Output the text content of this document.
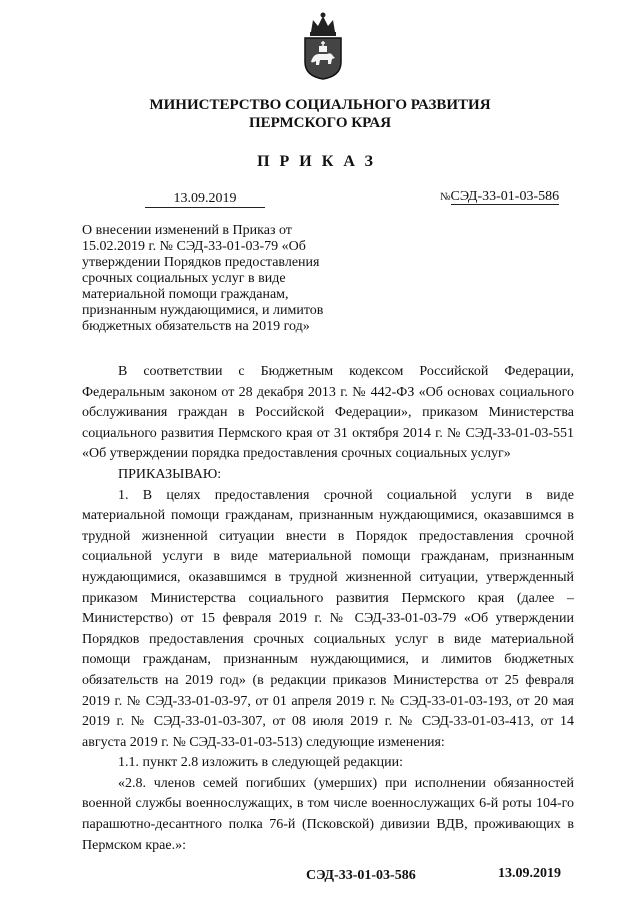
МИНИСТЕРСТВО СОЦИАЛЬНОГО РАЗВИТИЯ
ПЕРМСКОГО КРАЯ
ПРИКАЗ
13.09.2019	№СЭД-33-01-03-586
О внесении изменений в Приказ от 15.02.2019 г. № СЭД-33-01-03-79 «Об утверждении Порядков предоставления срочных социальных услуг в виде материальной помощи гражданам, признанным нуждающимися, и лимитов бюджетных обязательств на 2019 год»

В соответствии с Бюджетным кодексом Российской Федерации, Федеральным законом от 28 декабря 2013 г. № 442-ФЗ «Об основах социального обслуживания граждан в Российской Федерации», приказом Министерства социального развития Пермского края от 31 октября 2014 г. № СЭД-33-01-03-551 «Об утверждении порядка предоставления срочных социальных услуг»

ПРИКАЗЫВАЮ:

1. В целях предоставления срочной социальной услуги в виде материальной помощи гражданам, признанным нуждающимися, оказавшимся в трудной жизненной ситуации внести в Порядок предоставления срочной социальной услуги в виде материальной помощи гражданам, признанным нуждающимися, оказавшимся в трудной жизненной ситуации, утвержденный приказом Министерства социального развития Пермского края (далее – Министерство) от 15 февраля 2019 г. № СЭД-33-01-03-79 «Об утверждении Порядков предоставления срочных социальных услуг в виде материальной помощи гражданам, признанным нуждающимися, и лимитов бюджетных обязательств на 2019 год» (в редакции приказов Министерства от 25 февраля 2019 г. № СЭД-33-01-03-97, от 01 апреля 2019 г. № СЭД-33-01-03-193, от 20 мая 2019 г. № СЭД-33-01-03-307, от 08 июля 2019 г. № СЭД-33-01-03-413, от 14 августа 2019 г. № СЭД-33-01-03-513) следующие изменения:

1.1. пункт 2.8 изложить в следующей редакции:

«2.8. членов семей погибших (умерших) при исполнении обязанностей военной службы военнослужащих, в том числе военнослужащих 6-й роты 104-го парашютно-десантного полка 76-й (Псковской) дивизии ВДВ, проживающих в Пермском крае.»:

СЭД-33-01-03-586	13.09.2019
